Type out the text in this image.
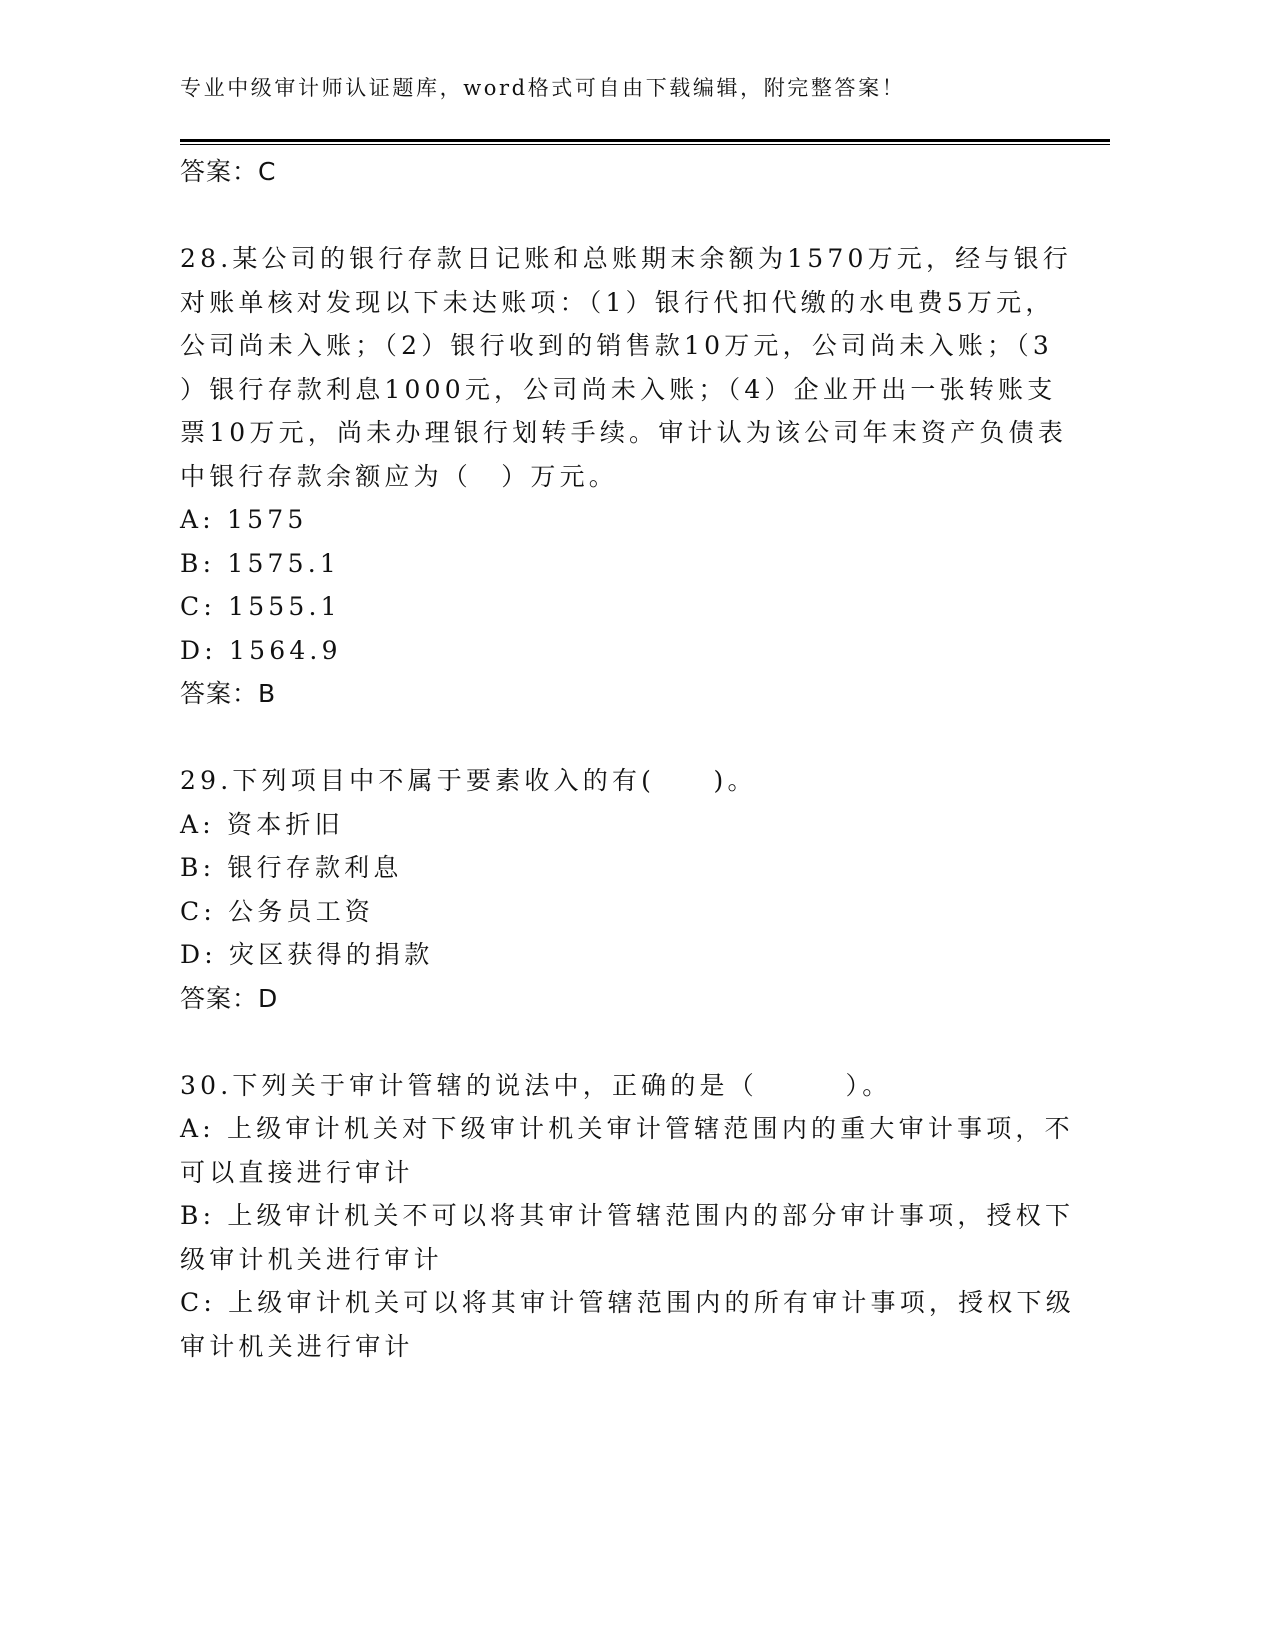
专业中级审计师认证题库，word格式可自由下载编辑，附完整答案！
答案：C
28.某公司的银行存款日记账和总账期末余额为1570万元，经与银行
对账单核对发现以下未达账项：（1）银行代扣代缴的水电费5万元，
公司尚未入账；（2）银行收到的销售款10万元，公司尚未入账；（3
）银行存款利息1000元，公司尚未入账；（4）企业开出一张转账支
票10万元，尚未办理银行划转手续。审计认为该公司年末资产负债表
中银行存款余额应为（　）万元。
A: 1575
B: 1575.1
C: 1555.1
D: 1564.9
答案：B
29.下列项目中不属于要素收入的有(　　)。
A: 资本折旧
B: 银行存款利息
C: 公务员工资
D: 灾区获得的捐款
答案：D
30.下列关于审计管辖的说法中，正确的是（　　　）。
A: 上级审计机关对下级审计机关审计管辖范围内的重大审计事项，不
可以直接进行审计
B: 上级审计机关不可以将其审计管辖范围内的部分审计事项，授权下
级审计机关进行审计
C: 上级审计机关可以将其审计管辖范围内的所有审计事项，授权下级
审计机关进行审计
